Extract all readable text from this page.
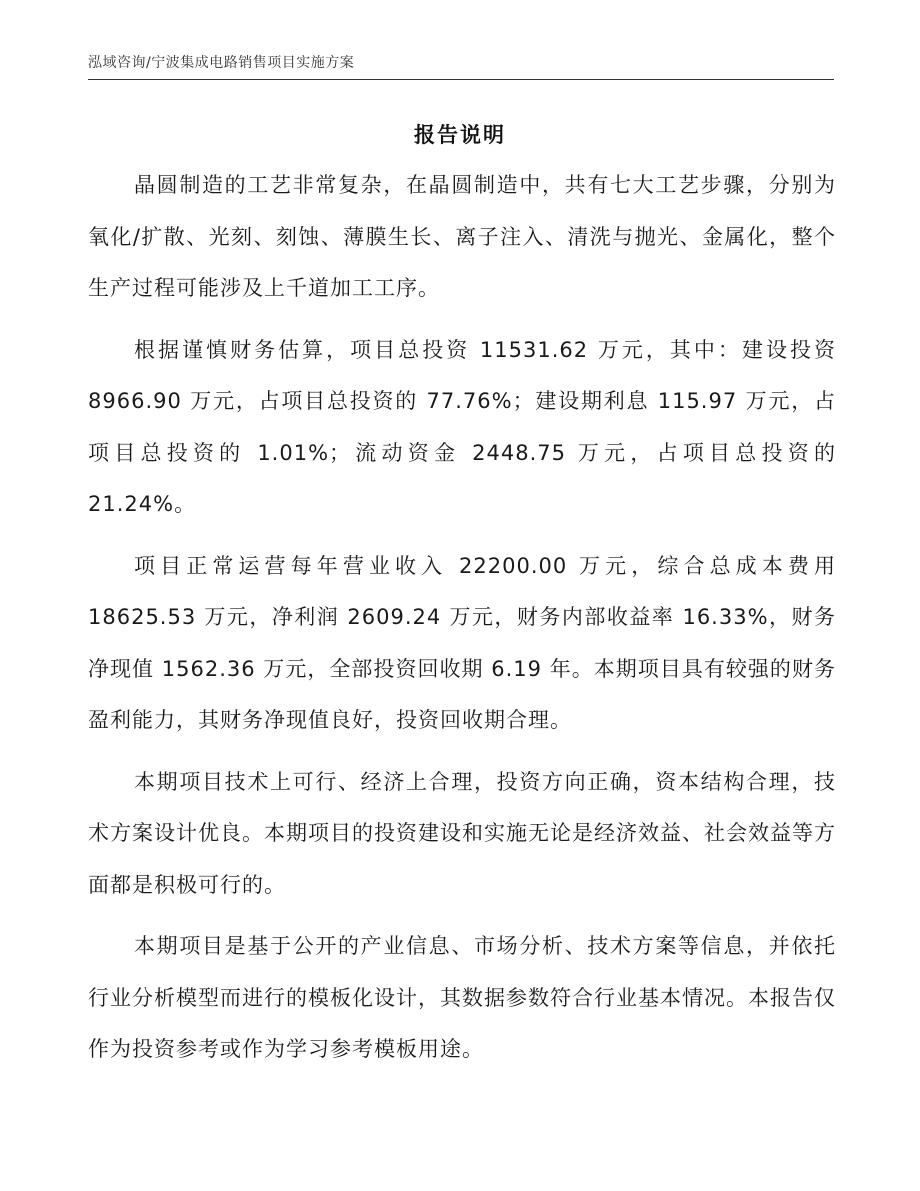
泓域咨询/宁波集成电路销售项目实施方案
报告说明

晶圆制造的工艺非常复杂，在晶圆制造中，共有七大工艺步骤，分别为氧化/扩散、光刻、刻蚀、薄膜生长、离子注入、清洗与抛光、金属化，整个生产过程可能涉及上千道加工工序。

根据谨慎财务估算，项目总投资 11531.62 万元，其中：建设投资 8966.90 万元，占项目总投资的 77.76%；建设期利息 115.97 万元，占项目总投资的 1.01%；流动资金 2448.75 万元，占项目总投资的 21.24%。

项目正常运营每年营业收入 22200.00 万元，综合总成本费用 18625.53 万元，净利润 2609.24 万元，财务内部收益率 16.33%，财务净现值 1562.36 万元，全部投资回收期 6.19 年。本期项目具有较强的财务盈利能力，其财务净现值良好，投资回收期合理。

本期项目技术上可行、经济上合理，投资方向正确，资本结构合理，技术方案设计优良。本期项目的投资建设和实施无论是经济效益、社会效益等方面都是积极可行的。

本期项目是基于公开的产业信息、市场分析、技术方案等信息，并依托行业分析模型而进行的模板化设计，其数据参数符合行业基本情况。本报告仅作为投资参考或作为学习参考模板用途。
